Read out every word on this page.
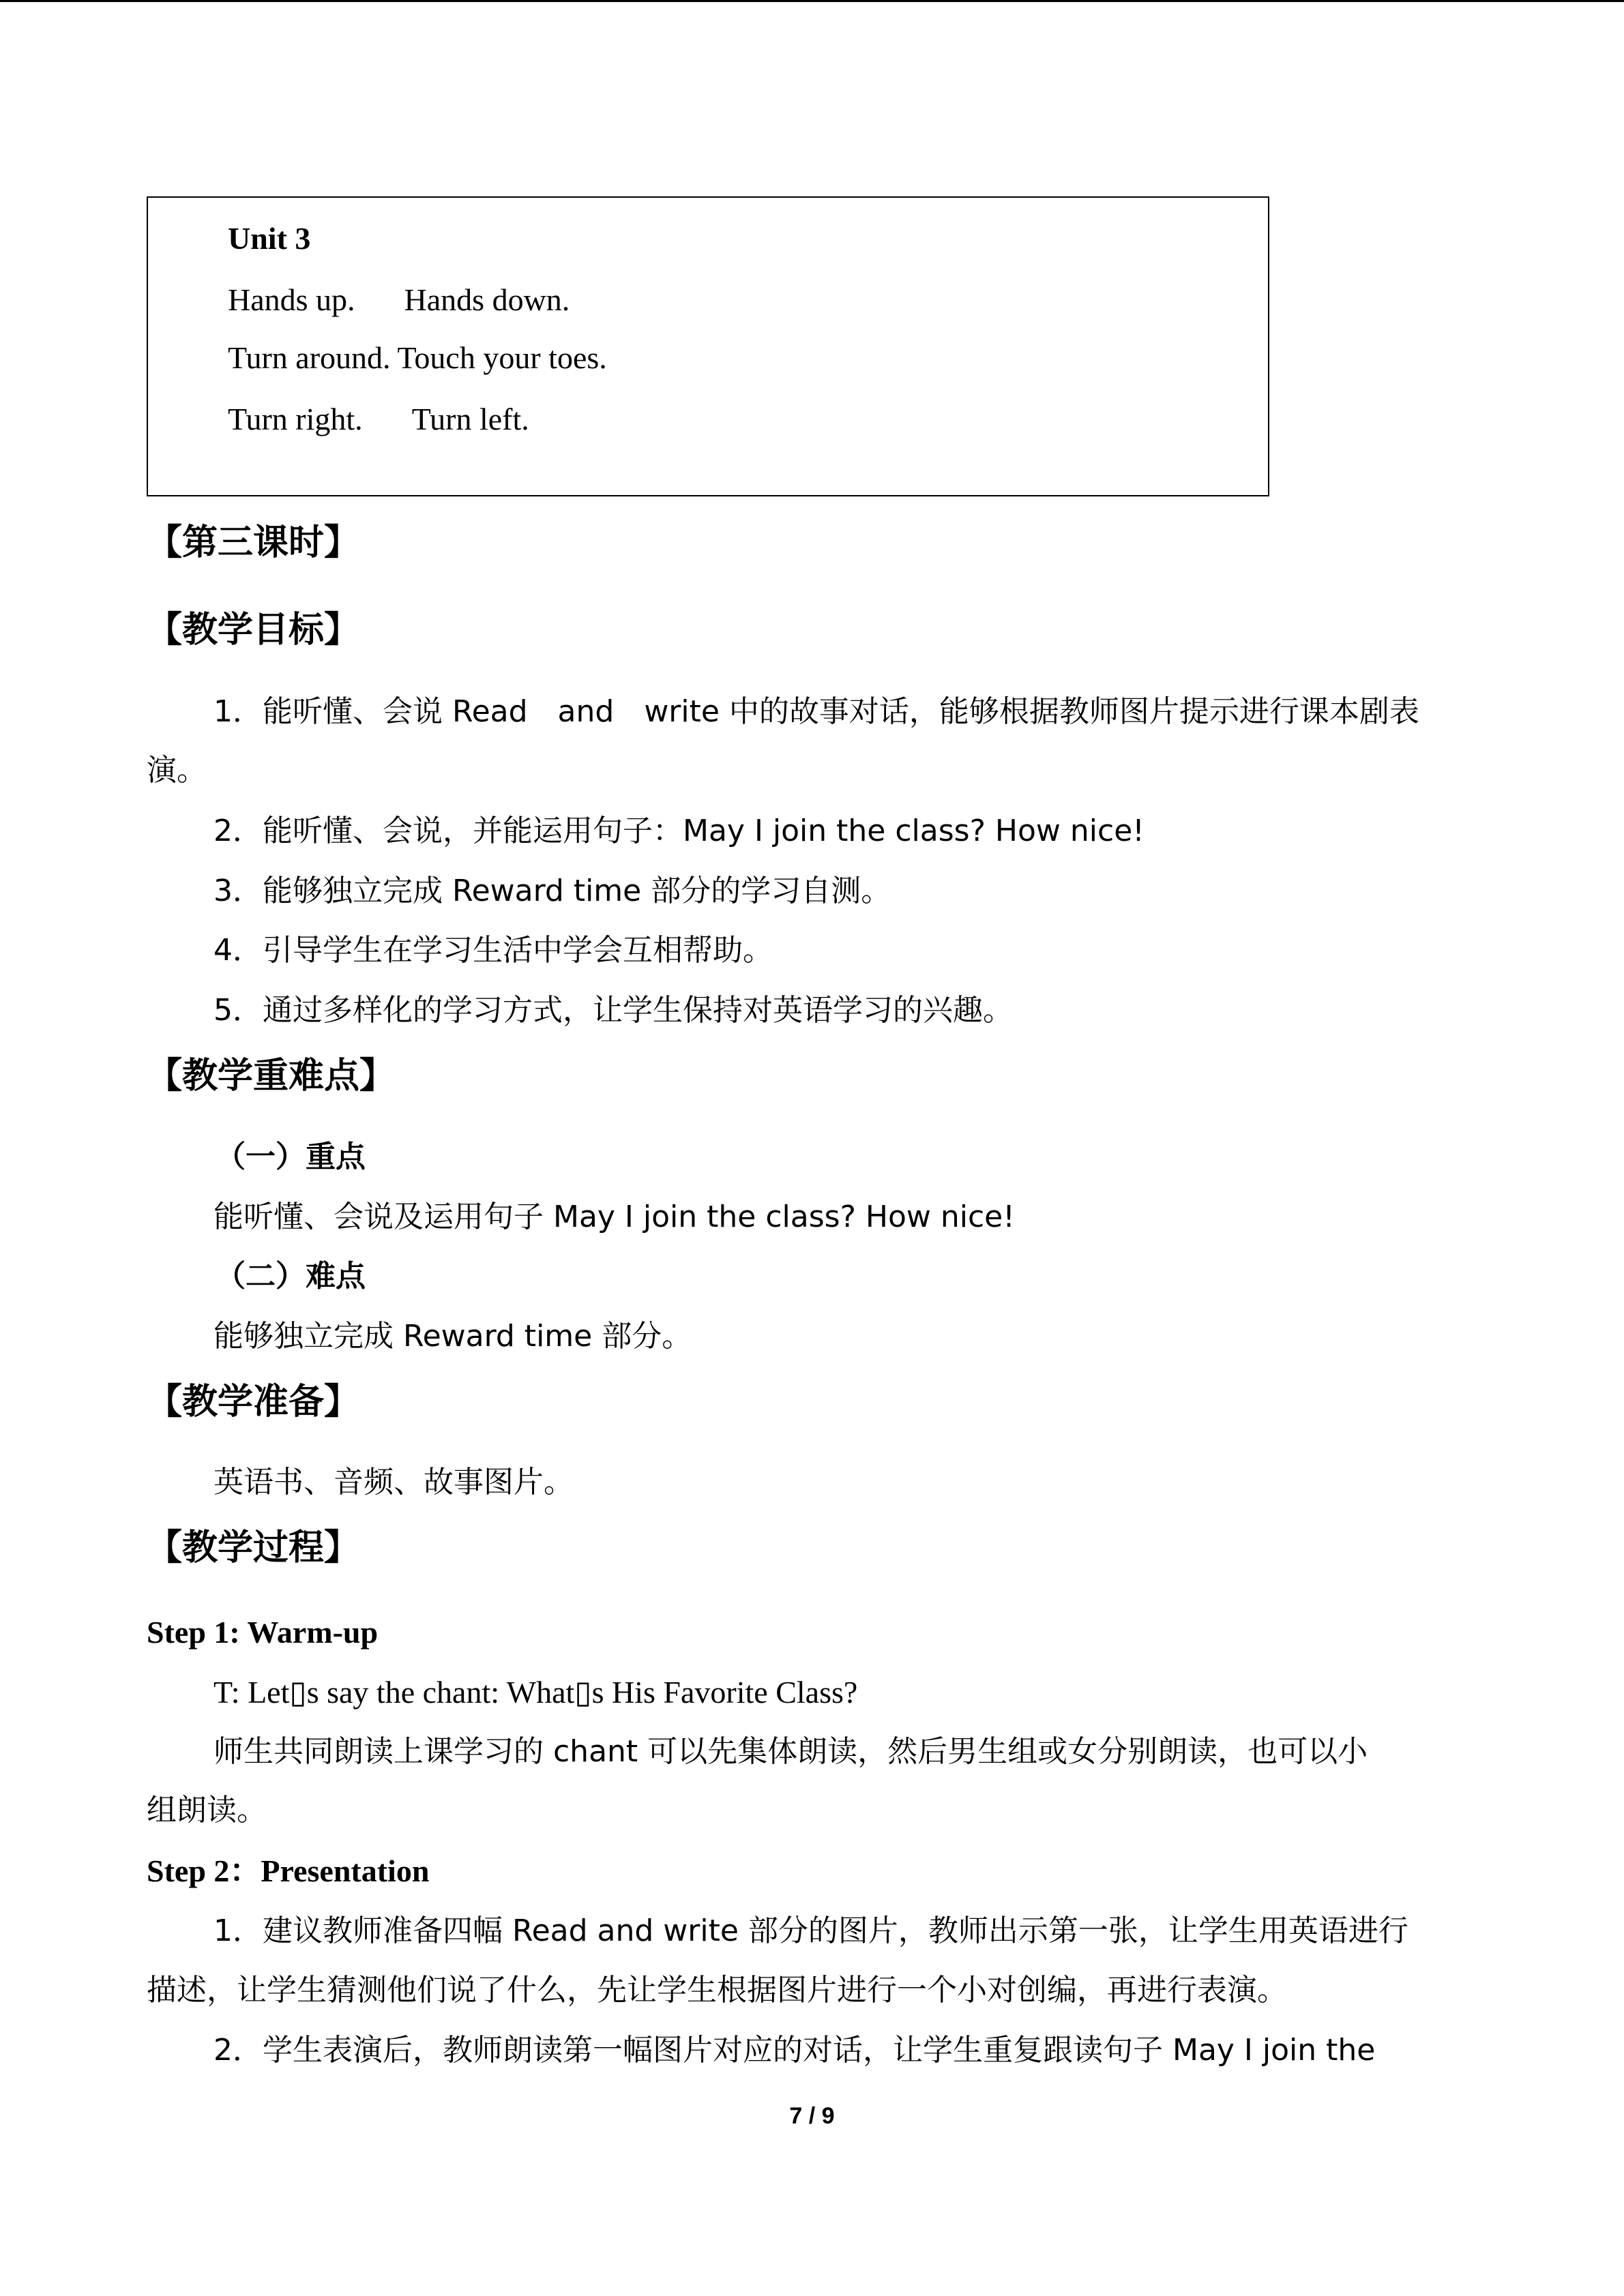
Unit 3
Hands up. Hands down.
Turn around. Touch your toes.
Turn right. Turn left.
【第三课时】
【教学目标】
1．能听懂、会说 Read　and　write 中的故事对话，能够根据教师图片提示进行课本剧表
演。
2．能听懂、会说，并能运用句子：May I join the class? How nice!
3．能够独立完成 Reward time 部分的学习自测。
4．引导学生在学习生活中学会互相帮助。
5．通过多样化的学习方式，让学生保持对英语学习的兴趣。
【教学重难点】
（一）重点
能听懂、会说及运用句子 May I join the class? How nice!
（二）难点
能够独立完成 Reward time 部分。
【教学准备】
英语书、音频、故事图片。
【教学过程】
Step 1: Warm-up
T: Let▯s say the chant: What▯s His Favorite Class?
师生共同朗读上课学习的 chant 可以先集体朗读，然后男生组或女分别朗读，也可以小
组朗读。
Step 2：Presentation
1．建议教师准备四幅 Read and write 部分的图片，教师出示第一张，让学生用英语进行
描述，让学生猜测他们说了什么，先让学生根据图片进行一个小对创编，再进行表演。
2．学生表演后，教师朗读第一幅图片对应的对话，让学生重复跟读句子 May I join the
7 / 9
